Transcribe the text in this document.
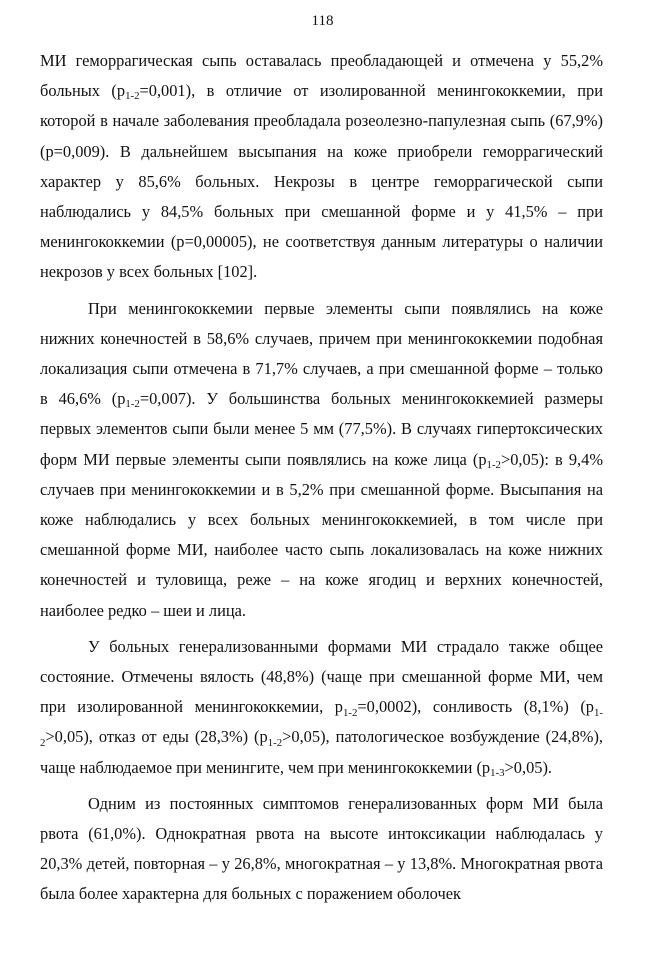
118

МИ геморрагическая сыпь оставалась преобладающей и отмечена у 55,2% больных $(р_{1-2}=0,001)$, в отличие от изолированной менингококкемии, при которой в начале заболевания преобладала розеолезно-папулезная сыпь (67,9%) (р=0,009). В дальнейшем высыпания на коже приобрели геморрагический характер у 85,6% больных. Некрозы в центре геморрагической сыпи наблюдались у 84,5% больных при смешанной форме и у 41,5% – при менингококкемии (р=0,00005), не соответствуя данным литературы о наличии некрозов у всех больных [102].

При менингококкемии первые элементы сыпи появлялись на коже нижних конечностей в 58,6% случаев, причем при менингококкемии подобная локализация сыпи отмечена в 71,7% случаев, а при смешанной форме – только в 46,6% $(р_{1-2}=0,007)$. У большинства больных менингококкемией размеры первых элементов сыпи были менее 5 мм (77,5%). В случаях гипертоксических форм МИ первые элементы сыпи появлялись на коже лица $(р_{1-2}>0,05)$: в 9,4% случаев при менингококкемии и в 5,2% при смешанной форме. Высыпания на коже наблюдались у всех больных менингококкемией, в том числе при смешанной форме МИ, наиболее часто сыпь локализовалась на коже нижних конечностей и туловища, реже – на коже ягодиц и верхних конечностей, наиболее редко – шеи и лица.

У больных генерализованными формами МИ страдало также общее состояние. Отмечены вялость (48,8%) (чаще при смешанной форме МИ, чем при изолированной менингококкемии, $р_{1-2}=0,0002$), сонливость (8,1%) $(р_{1-2}>0,05)$, отказ от еды (28,3%) $(р_{1-2}>0,05)$, патологическое возбуждение (24,8%), чаще наблюдаемое при менингите, чем при менингококкемии $(р_{1-3}>0,05)$.

Одним из постоянных симптомов генерализованных форм МИ была рвота (61,0%). Однократная рвота на высоте интоксикации наблюдалась у 20,3% детей, повторная – у 26,8%, многократная – у 13,8%. Многократная рвота была более характерна для больных с поражением оболочек
